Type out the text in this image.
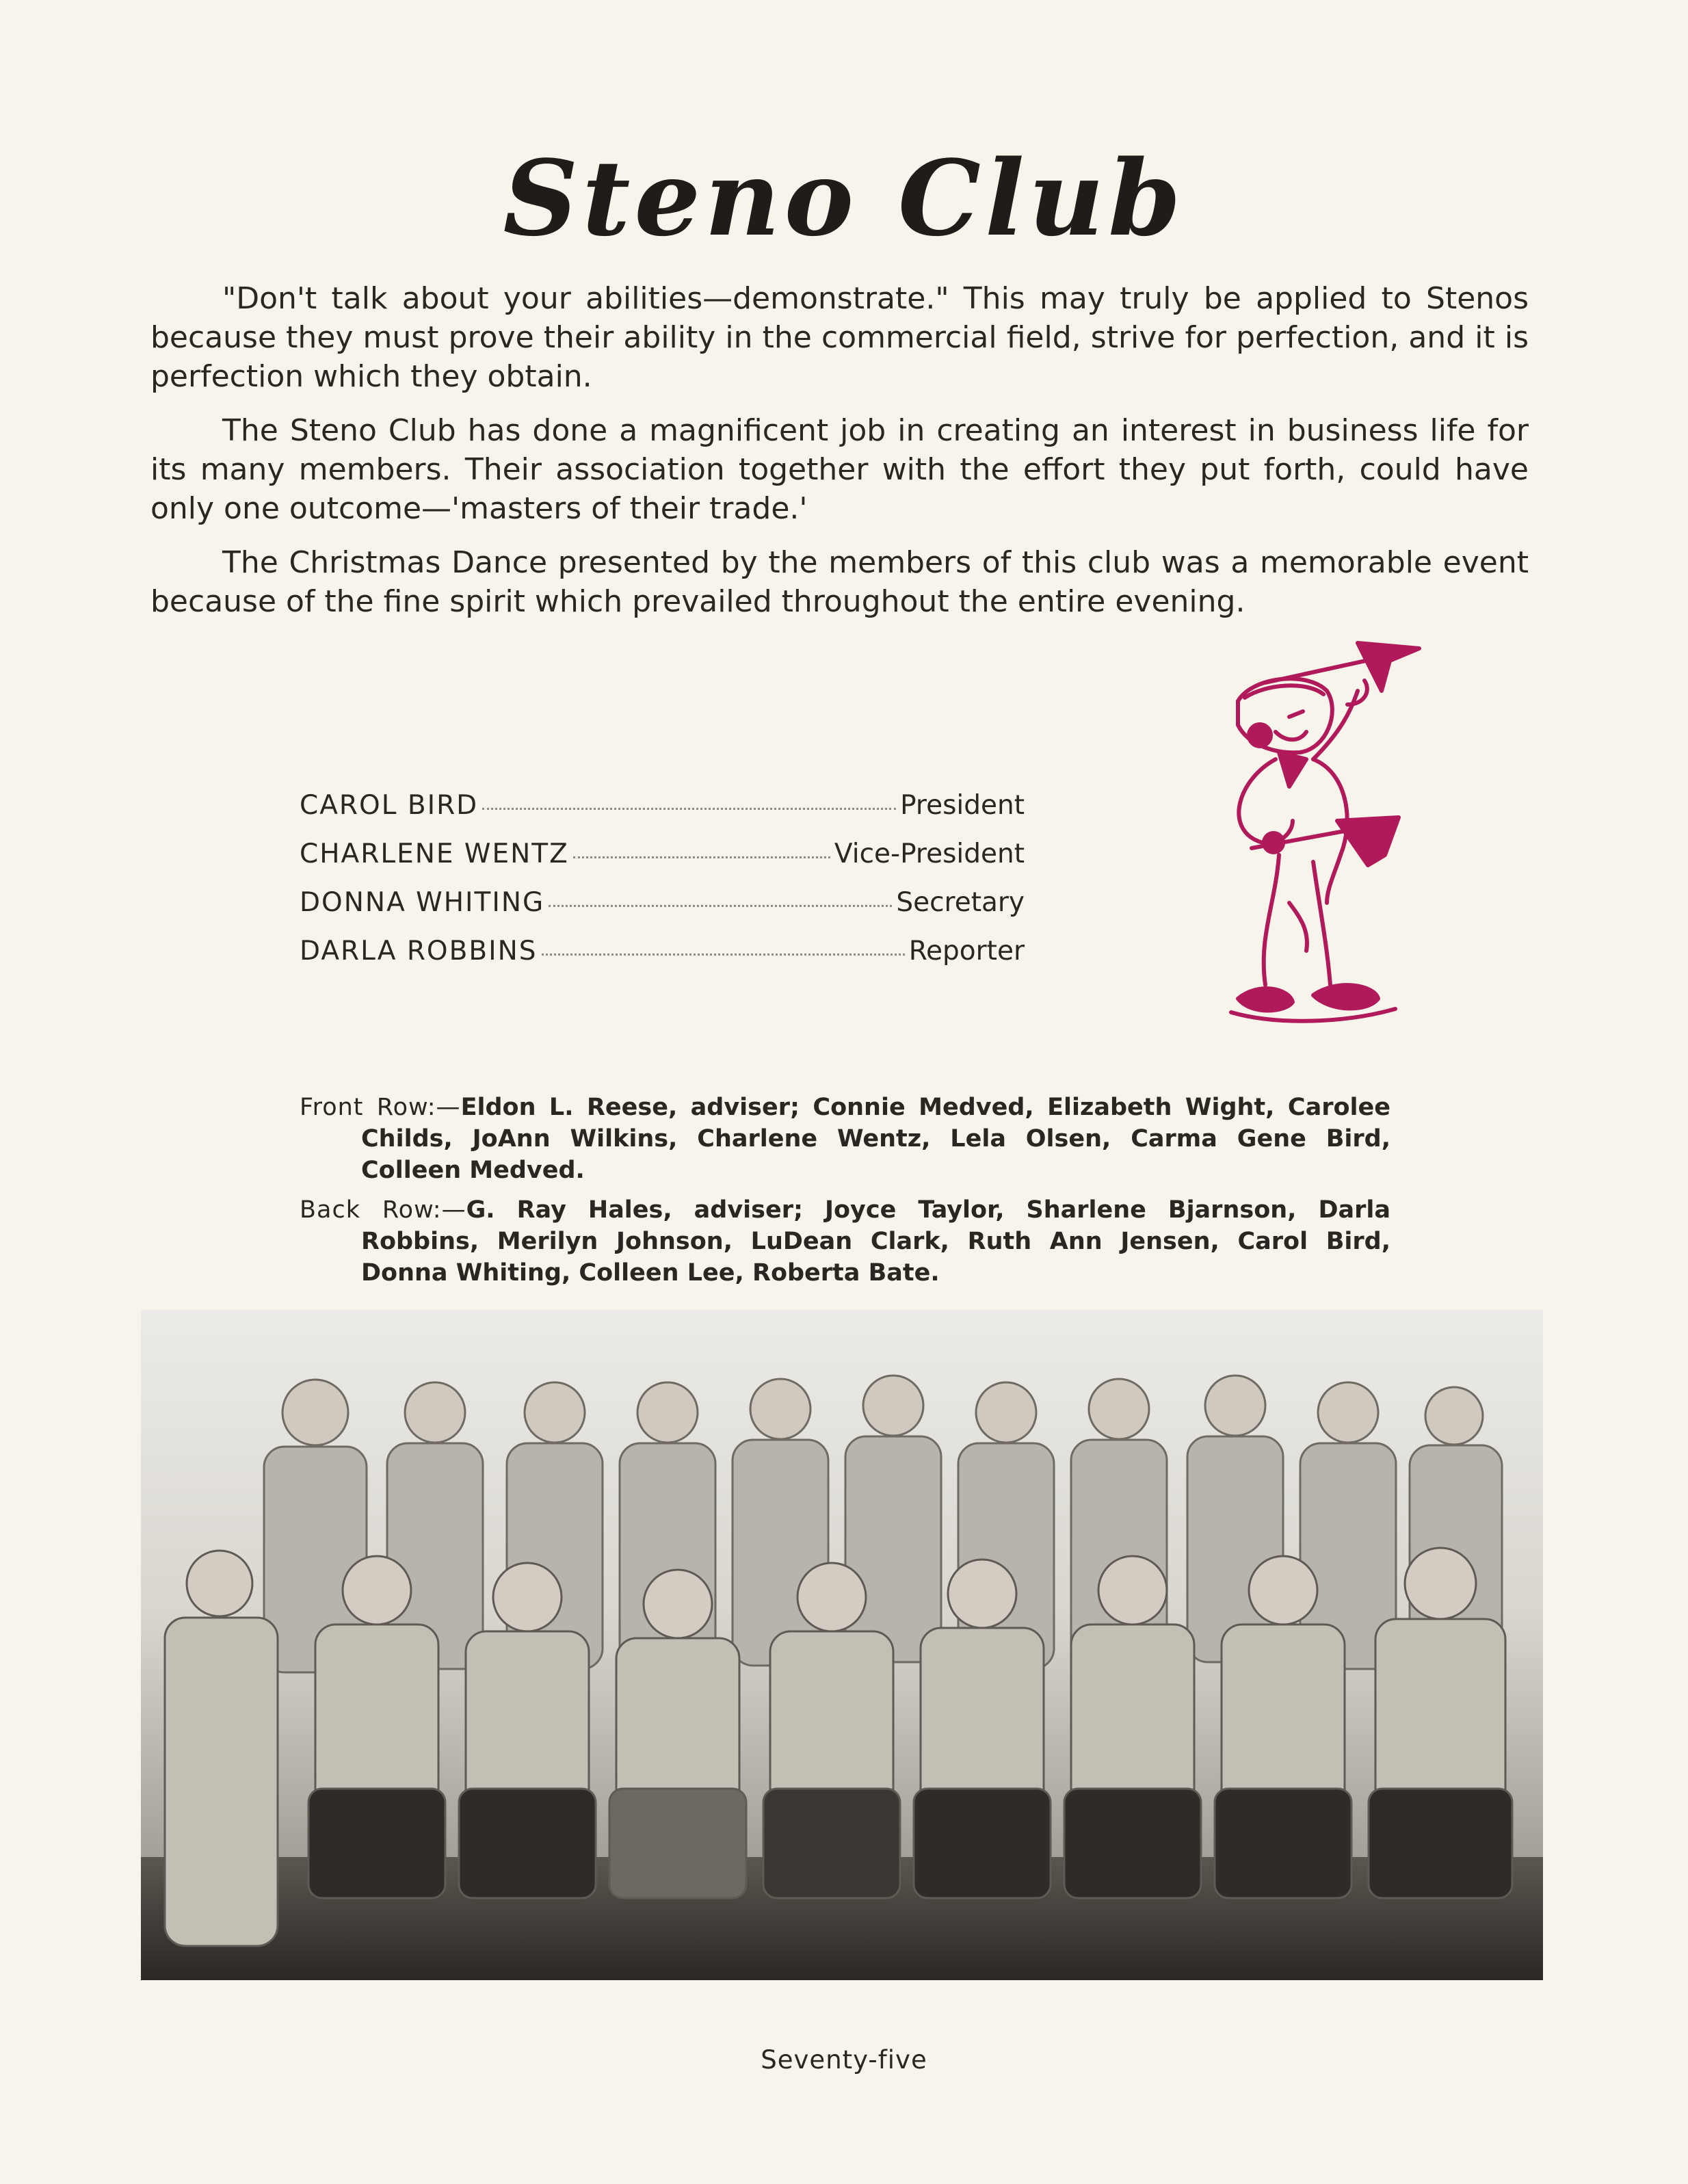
Steno Club

"Don't talk about your abilities—demonstrate." This may truly be applied to Stenos because they must prove their ability in the commercial field, strive for perfection, and it is perfection which they obtain.

The Steno Club has done a magnificent job in creating an interest in business life for its many members. Their association together with the effort they put forth, could have only one outcome—'masters of their trade.'

The Christmas Dance presented by the members of this club was a memorable event because of the fine spirit which prevailed throughout the entire evening.

CAROL BIRD	President
CHARLENE WENTZ	Vice-President
DONNA WHITING	Secretary
DARLA ROBBINS	Reporter
Front Row:—Eldon L. Reese, adviser; Connie Medved, Elizabeth Wight, Carolee Childs, JoAnn Wilkins, Charlene Wentz, Lela Olsen, Carma Gene Bird, Colleen Medved.
Back Row:—G. Ray Hales, adviser; Joyce Taylor, Sharlene Bjarnson, Darla Robbins, Merilyn Johnson, LuDean Clark, Ruth Ann Jensen, Carol Bird, Donna Whiting, Colleen Lee, Roberta Bate.
Seventy-five
